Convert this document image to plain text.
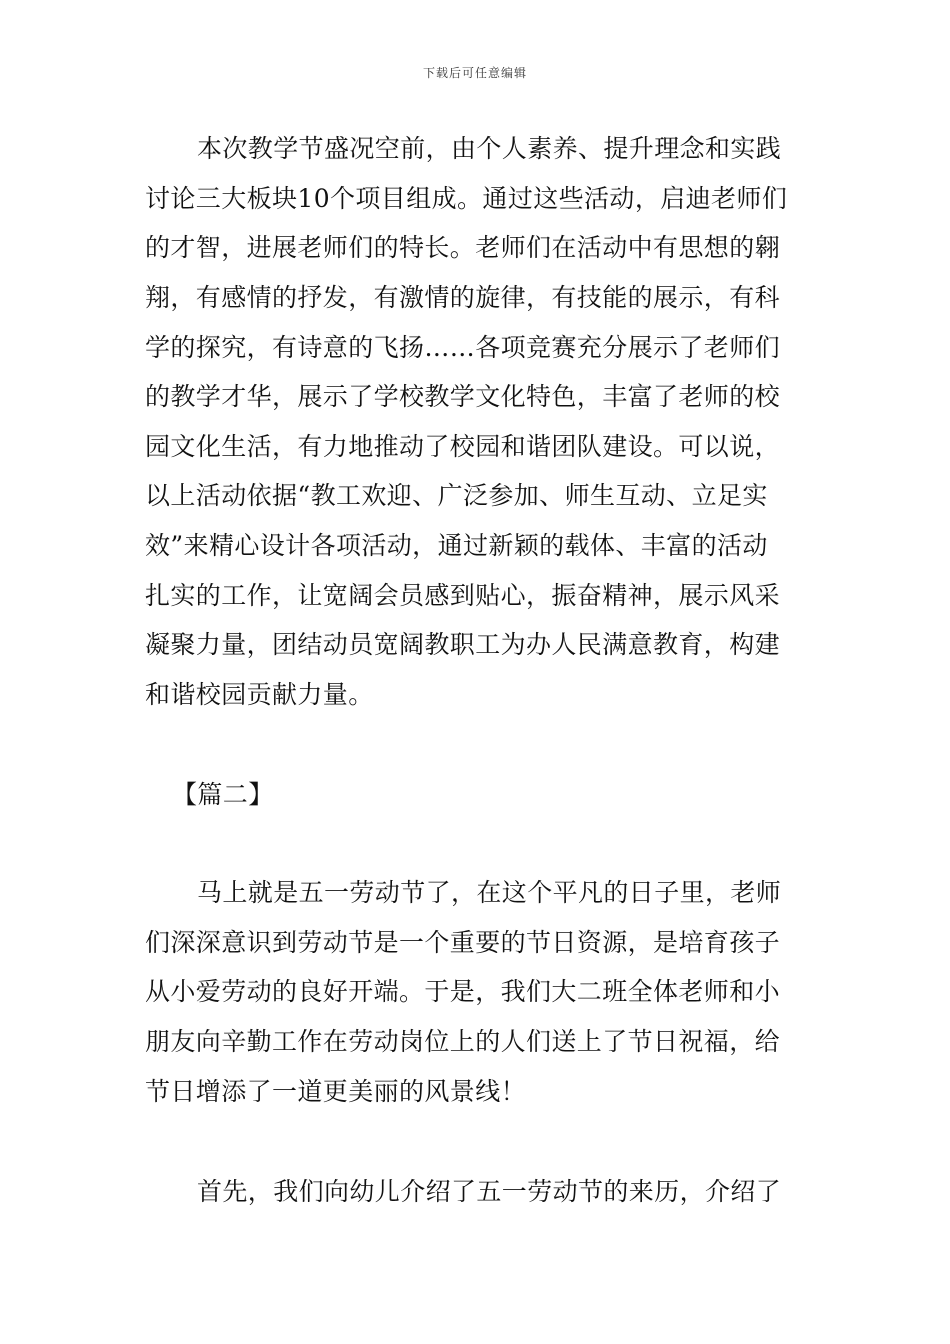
下载后可任意编辑
本次教学节盛况空前，由个人素养、提升理念和实践
讨论三大板块10个项目组成。通过这些活动，启迪老师们
的才智，进展老师们的特长。老师们在活动中有思想的翱
翔，有感情的抒发，有激情的旋律，有技能的展示，有科
学的探究，有诗意的飞扬……各项竞赛充分展示了老师们
的教学才华，展示了学校教学文化特色，丰富了老师的校
园文化生活，有力地推动了校园和谐团队建设。可以说，
以上活动依据“教工欢迎、广泛参加、师生互动、立足实
效”来精心设计各项活动，通过新颖的载体、丰富的活动
扎实的工作，让宽阔会员感到贴心，振奋精神，展示风采
凝聚力量，团结动员宽阔教职工为办人民满意教育，构建
和谐校园贡献力量。
【篇二】
马上就是五一劳动节了，在这个平凡的日子里，老师
们深深意识到劳动节是一个重要的节日资源，是培育孩子
从小爱劳动的良好开端。于是，我们大二班全体老师和小
朋友向辛勤工作在劳动岗位上的人们送上了节日祝福，给
节日增添了一道更美丽的风景线！
首先，我们向幼儿介绍了五一劳动节的来历，介绍了
